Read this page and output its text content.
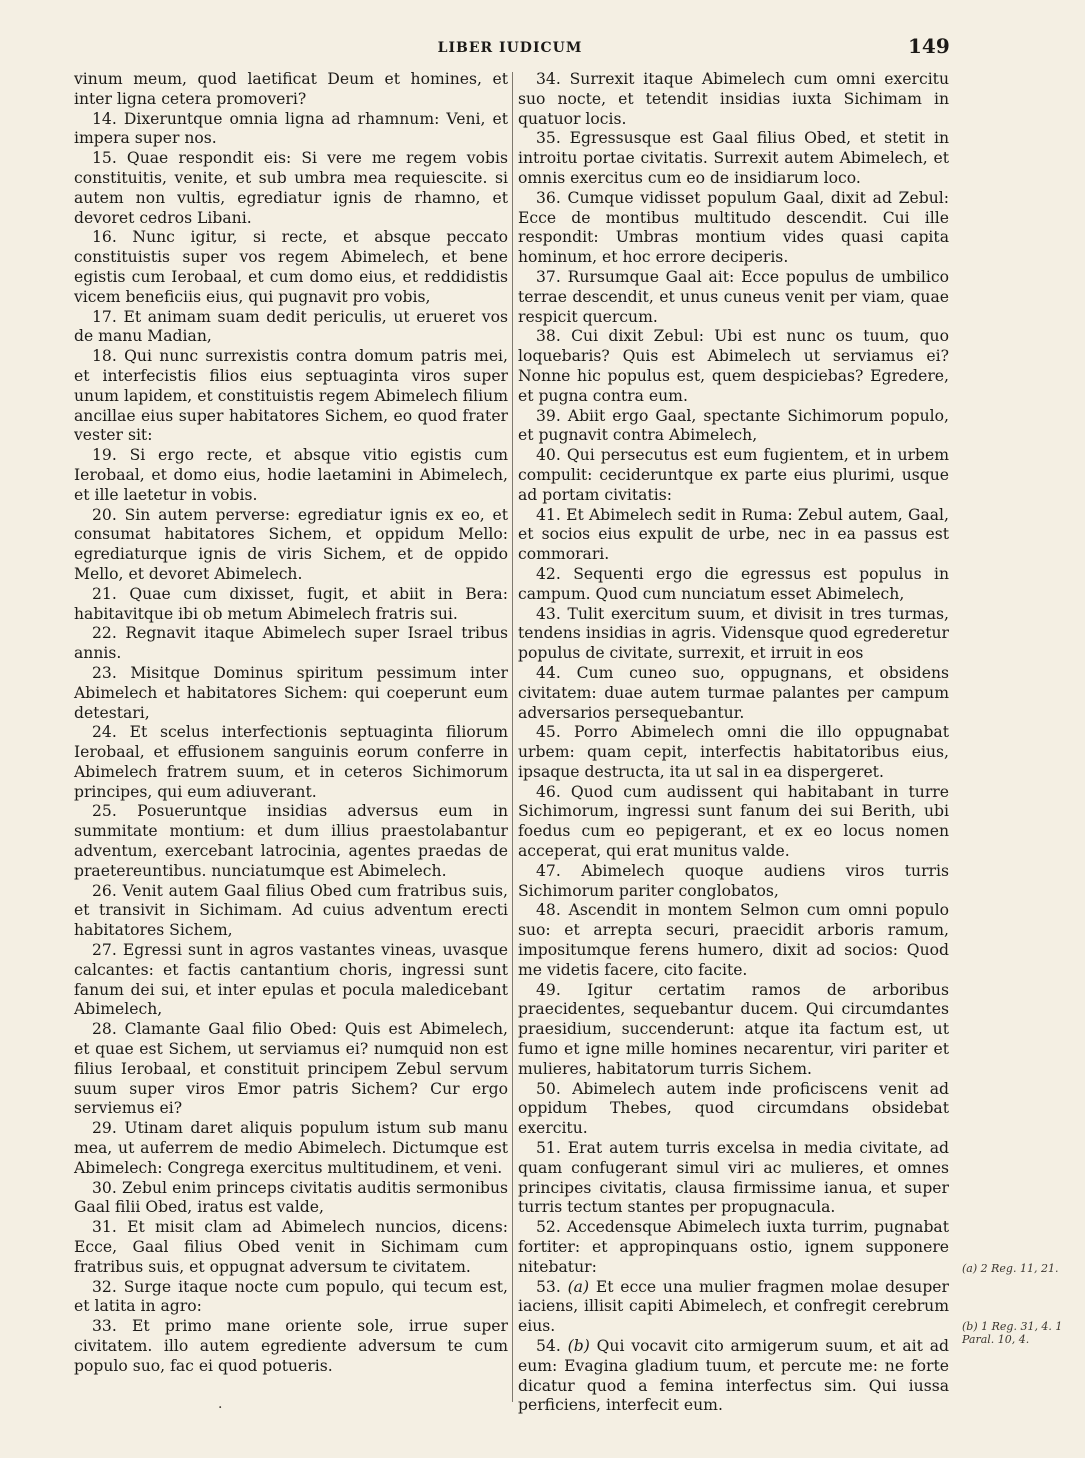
LIBER IUDICUM	149

vinum meum, quod laetificat Deum et homines, et inter ligna cetera promoveri?

14. Dixeruntque omnia ligna ad rhamnum: Veni, et impera super nos.

15. Quae respondit eis: Si vere me regem vobis constituitis, venite, et sub umbra mea requiescite. si autem non vultis, egrediatur ignis de rhamno, et devoret cedros Libani.

16. Nunc igitur, si recte, et absque peccato constituistis super vos regem Abimelech, et bene egistis cum Ierobaal, et cum domo eius, et reddidistis vicem beneficiis eius, qui pugnavit pro vobis,

17. Et animam suam dedit periculis, ut erueret vos de manu Madian,

18. Qui nunc surrexistis contra domum patris mei, et interfecistis filios eius septuaginta viros super unum lapidem, et constituistis regem Abimelech filium ancillae eius super habitatores Sichem, eo quod frater vester sit:

19. Si ergo recte, et absque vitio egistis cum Ierobaal, et domo eius, hodie laetamini in Abimelech, et ille laetetur in vobis.

20. Sin autem perverse: egrediatur ignis ex eo, et consumat habitatores Sichem, et oppidum Mello: egrediaturque ignis de viris Sichem, et de oppido Mello, et devoret Abimelech.

21. Quae cum dixisset, fugit, et abiit in Bera: habitavitque ibi ob metum Abimelech fratris sui.

22. Regnavit itaque Abimelech super Israel tribus annis.

23. Misitque Dominus spiritum pessimum inter Abimelech et habitatores Sichem: qui coeperunt eum detestari,

24. Et scelus interfectionis septuaginta filiorum Ierobaal, et effusionem sanguinis eorum conferre in Abimelech fratrem suum, et in ceteros Sichimorum principes, qui eum adiuverant.

25. Posueruntque insidias adversus eum in summitate montium: et dum illius praestolabantur adventum, exercebant latrocinia, agentes praedas de praetereuntibus. nunciatumque est Abimelech.

26. Venit autem Gaal filius Obed cum fratribus suis, et transivit in Sichimam. Ad cuius adventum erecti habitatores Sichem,

27. Egressi sunt in agros vastantes vineas, uvasque calcantes: et factis cantantium choris, ingressi sunt fanum dei sui, et inter epulas et pocula maledicebant Abimelech,

28. Clamante Gaal filio Obed: Quis est Abimelech, et quae est Sichem, ut serviamus ei? numquid non est filius Ierobaal, et constituit principem Zebul servum suum super viros Emor patris Sichem? Cur ergo serviemus ei?

29. Utinam daret aliquis populum istum sub manu mea, ut auferrem de medio Abimelech. Dictumque est Abimelech: Congrega exercitus multitudinem, et veni.

30. Zebul enim princeps civitatis auditis sermonibus Gaal filii Obed, iratus est valde,

31. Et misit clam ad Abimelech nuncios, dicens: Ecce, Gaal filius Obed venit in Sichimam cum fratribus suis, et oppugnat adversum te civitatem.

32. Surge itaque nocte cum populo, qui tecum est, et latita in agro:

33. Et primo mane oriente sole, irrue super civitatem. illo autem egrediente adversum te cum populo suo, fac ei quod potueris.

34. Surrexit itaque Abimelech cum omni exercitu suo nocte, et tetendit insidias iuxta Sichimam in quatuor locis.

35. Egressusque est Gaal filius Obed, et stetit in introitu portae civitatis. Surrexit autem Abimelech, et omnis exercitus cum eo de insidiarum loco.

36. Cumque vidisset populum Gaal, dixit ad Zebul: Ecce de montibus multitudo descendit. Cui ille respondit: Umbras montium vides quasi capita hominum, et hoc errore deciperis.

37. Rursumque Gaal ait: Ecce populus de umbilico terrae descendit, et unus cuneus venit per viam, quae respicit quercum.

38. Cui dixit Zebul: Ubi est nunc os tuum, quo loquebaris? Quis est Abimelech ut serviamus ei? Nonne hic populus est, quem despiciebas? Egredere, et pugna contra eum.

39. Abiit ergo Gaal, spectante Sichimorum populo, et pugnavit contra Abimelech,

40. Qui persecutus est eum fugientem, et in urbem compulit: cecideruntque ex parte eius plurimi, usque ad portam civitatis:

41. Et Abimelech sedit in Ruma: Zebul autem, Gaal, et socios eius expulit de urbe, nec in ea passus est commorari.

42. Sequenti ergo die egressus est populus in campum. Quod cum nunciatum esset Abimelech,

43. Tulit exercitum suum, et divisit in tres turmas, tendens insidias in agris. Vidensque quod egrederetur populus de civitate, surrexit, et irruit in eos

44. Cum cuneo suo, oppugnans, et obsidens civitatem: duae autem turmae palantes per campum adversarios persequebantur.

45. Porro Abimelech omni die illo oppugnabat urbem: quam cepit, interfectis habitatoribus eius, ipsaque destructa, ita ut sal in ea dispergeret.

46. Quod cum audissent qui habitabant in turre Sichimorum, ingressi sunt fanum dei sui Berith, ubi foedus cum eo pepigerant, et ex eo locus nomen acceperat, qui erat munitus valde.

47. Abimelech quoque audiens viros turris Sichimorum pariter conglobatos,

48. Ascendit in montem Selmon cum omni populo suo: et arrepta securi, praecidit arboris ramum, impositumque ferens humero, dixit ad socios: Quod me videtis facere, cito facite.

49. Igitur certatim ramos de arboribus praecidentes, sequebantur ducem. Qui circumdantes praesidium, succenderunt: atque ita factum est, ut fumo et igne mille homines necarentur, viri pariter et mulieres, habitatorum turris Sichem.

50. Abimelech autem inde proficiscens venit ad oppidum Thebes, quod circumdans obsidebat exercitu.

51. Erat autem turris excelsa in media civitate, ad quam confugerant simul viri ac mulieres, et omnes principes civitatis, clausa firmissime ianua, et super turris tectum stantes per propugnacula.

52. Accedensque Abimelech iuxta turrim, pugnabat fortiter: et appropinquans ostio, ignem supponere nitebatur:

53. (a) Et ecce una mulier fragmen molae desuper iaciens, illisit capiti Abimelech, et confregit cerebrum eius.

54. (b) Qui vocavit cito armigerum suum, et ait ad eum: Evagina gladium tuum, et percute me: ne forte dicatur quod a femina interfectus sim. Qui iussa perficiens, interfecit eum.

(a) 2 Reg. 11, 21.
(b) 1 Reg. 31, 4. 1 Paral. 10, 4.
·
